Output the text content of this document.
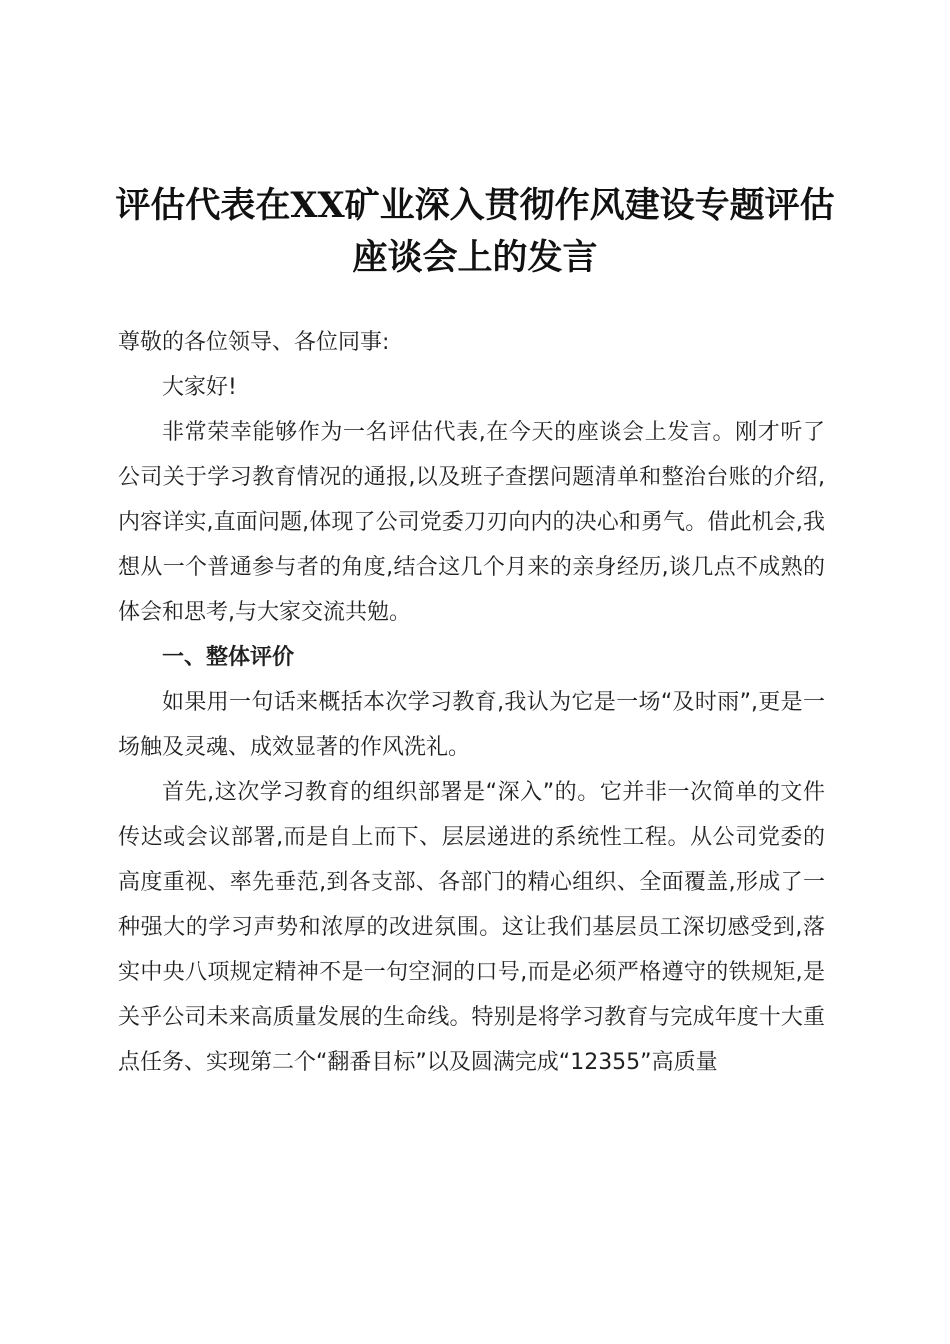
评估代表在XX矿业深入贯彻作风建设专题评估座谈会上的发言

尊敬的各位领导、各位同事:

大家好!

非常荣幸能够作为一名评估代表,在今天的座谈会上发言。刚才听了公司关于学习教育情况的通报,以及班子查摆问题清单和整治台账的介绍,内容详实,直面问题,体现了公司党委刀刃向内的决心和勇气。借此机会,我想从一个普通参与者的角度,结合这几个月来的亲身经历,谈几点不成熟的体会和思考,与大家交流共勉。

一、整体评价

如果用一句话来概括本次学习教育,我认为它是一场“及时雨”,更是一场触及灵魂、成效显著的作风洗礼。

首先,这次学习教育的组织部署是“深入”的。它并非一次简单的文件传达或会议部署,而是自上而下、层层递进的系统性工程。从公司党委的高度重视、率先垂范,到各支部、各部门的精心组织、全面覆盖,形成了一种强大的学习声势和浓厚的改进氛围。这让我们基层员工深切感受到,落实中央八项规定精神不是一句空洞的口号,而是必须严格遵守的铁规矩,是关乎公司未来高质量发展的生命线。特别是将学习教育与完成年度十大重点任务、实现第二个“翻番目标”以及圆满完成“12355”高质量
